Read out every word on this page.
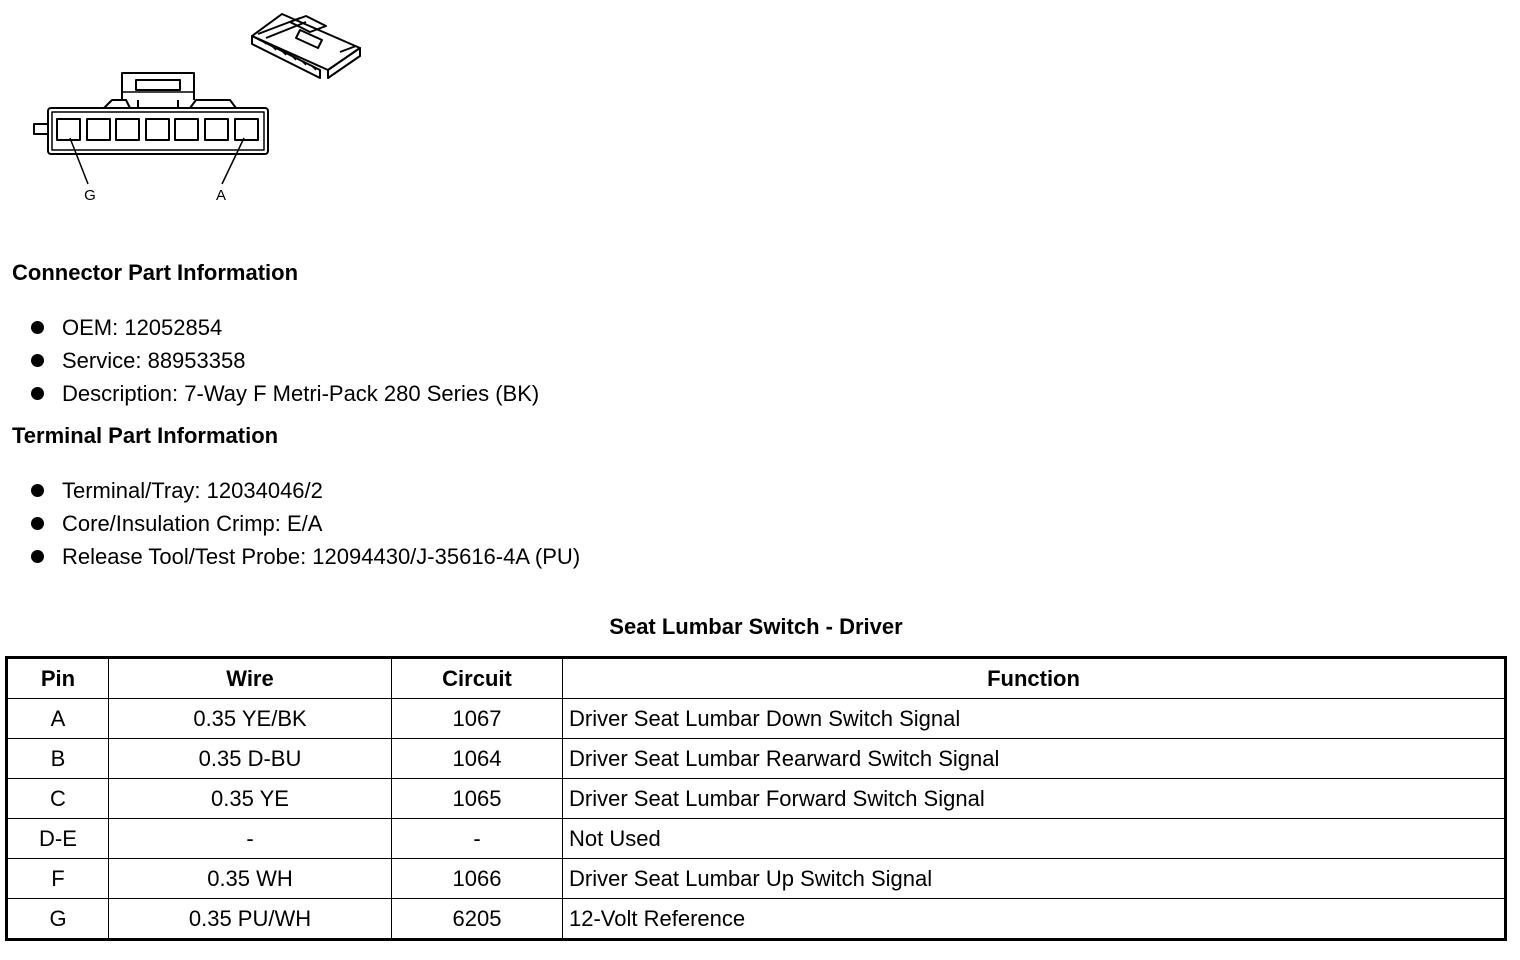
G	A
Connector Part Information
OEM: 12052854
Service: 88953358
Description: 7-Way F Metri-Pack 280 Series (BK)
Terminal Part Information
Terminal/Tray: 12034046/2
Core/Insulation Crimp: E/A
Release Tool/Test Probe: 12094430/J-35616-4A (PU)
Seat Lumbar Switch - Driver
Pin	Wire	Circuit	Function
A	0.35 YE/BK	1067	Driver Seat Lumbar Down Switch Signal
B	0.35 D-BU	1064	Driver Seat Lumbar Rearward Switch Signal
C	0.35 YE	1065	Driver Seat Lumbar Forward Switch Signal
D-E	-	-	Not Used
F	0.35 WH	1066	Driver Seat Lumbar Up Switch Signal
G	0.35 PU/WH	6205	12-Volt Reference
